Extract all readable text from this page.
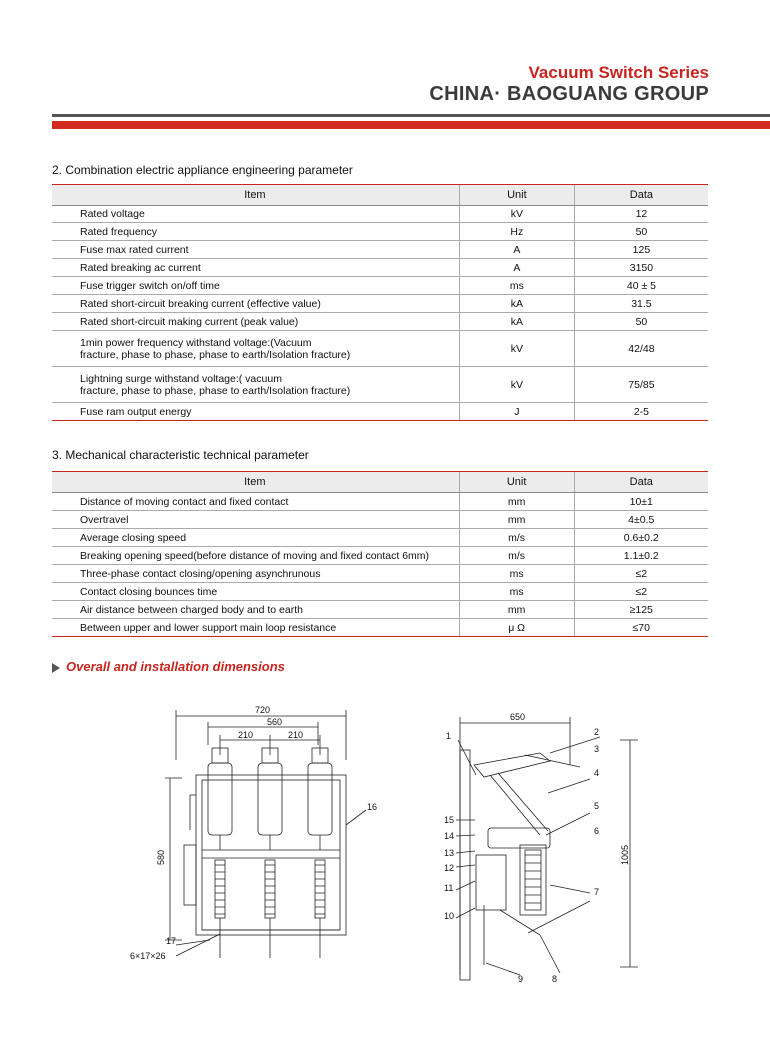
Vacuum Switch Series
CHINA· BAOGUANG GROUP
2. Combination electric appliance engineering parameter
Item	Unit	Data
Rated voltage	kV	12
Rated frequency	Hz	50
Fuse max rated current	A	125
Rated breaking ac current	A	3150
Fuse trigger switch on/off time	ms	40 ± 5
Rated short-circuit breaking current (effective value)	kA	31.5
Rated short-circuit making current (peak value)	kA	50
1min power frequency withstand voltage:(Vacuum
fracture, phase to phase, phase to earth/Isolation fracture)	kV	42/48
Lightning surge withstand voltage:( vacuum
fracture, phase to phase, phase to earth/Isolation fracture)	kV	75/85
Fuse ram output energy	J	2-5
3. Mechanical characteristic technical parameter
Item	Unit	Data
Distance of moving contact and fixed contact	mm	10±1
Overtravel	mm	4±0.5
Average closing speed	m/s	0.6±0.2
Breaking opening speed(before distance of moving and fixed contact 6mm)	m/s	1.1±0.2
Three-phase contact closing/opening asynchrunous	ms	≤2
Contact closing bounces time	ms	≤2
Air distance between charged body and to earth	mm	≥125
Between upper and lower support main loop resistance	μ Ω	≤70
Overall and installation dimensions
720
560
210	210
580
16
17
6×17×26
650
1005
1	2
3
4
5
6
7
8
9
10
11
12
13
14
15
